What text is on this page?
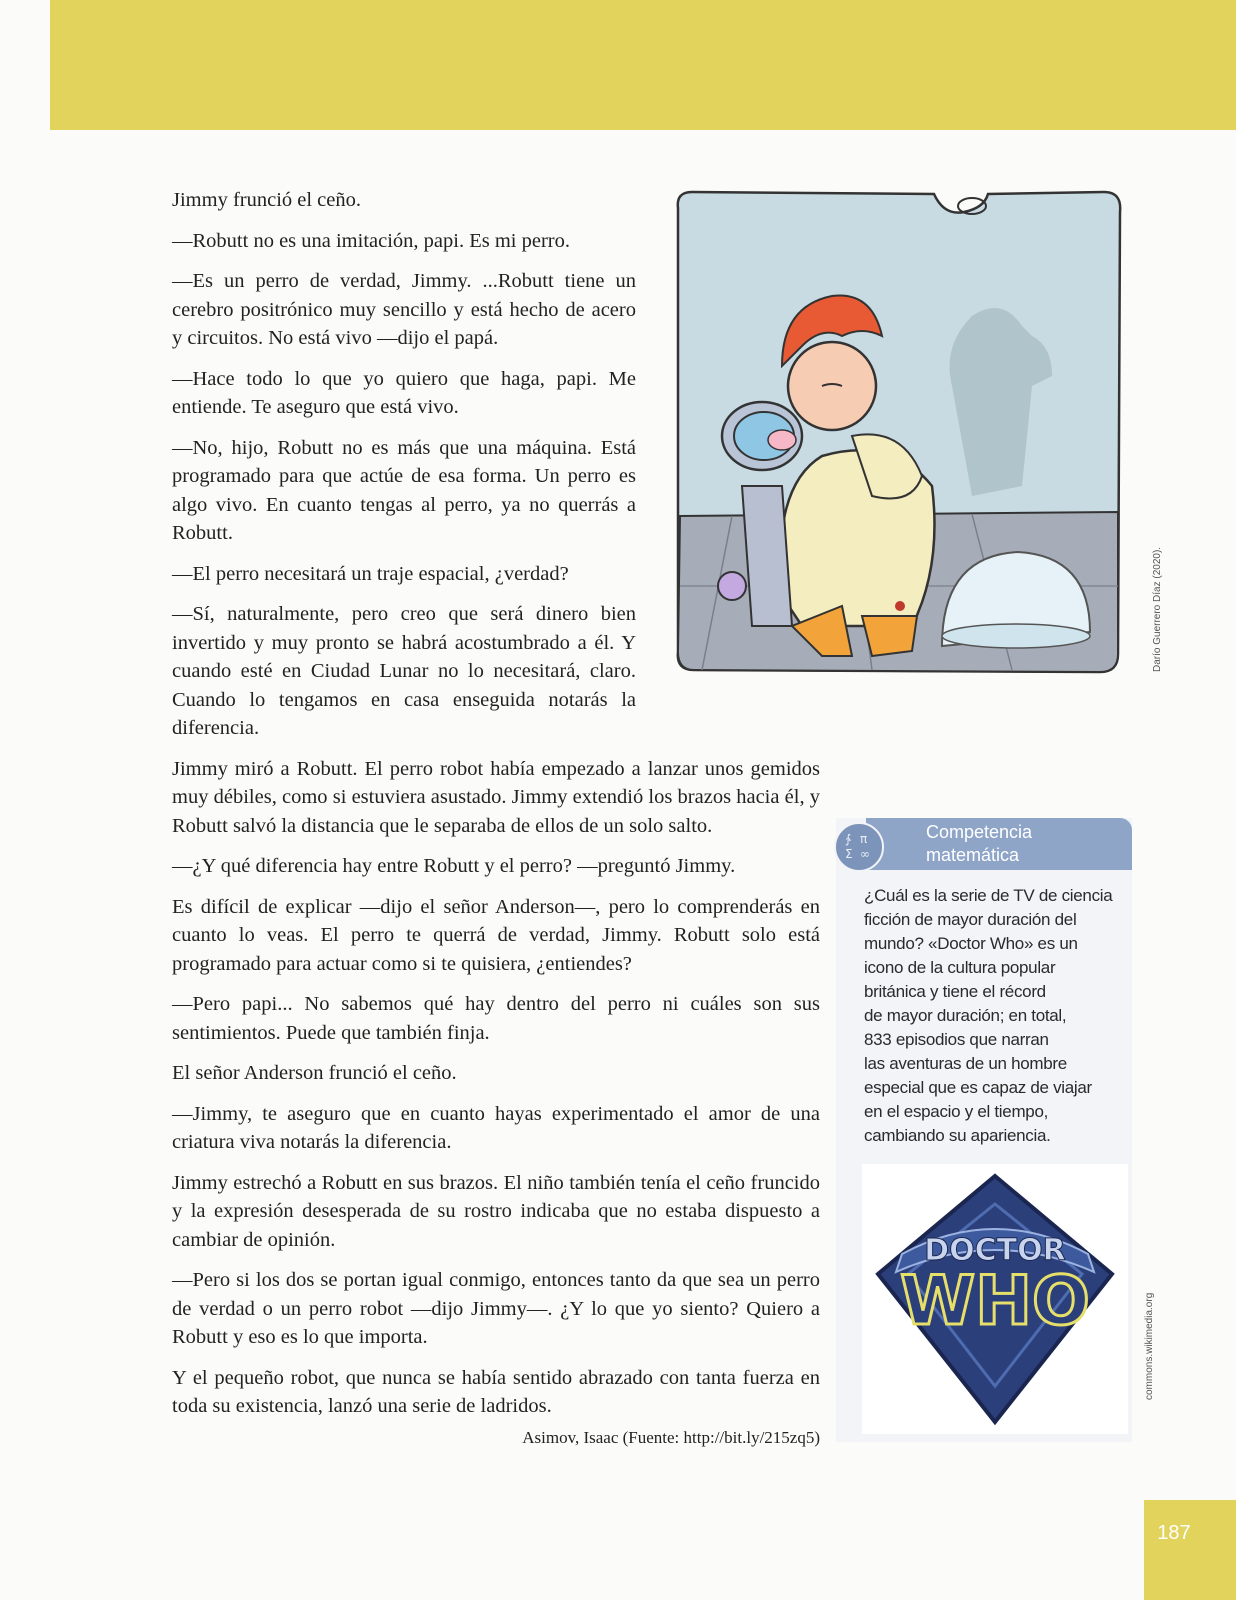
Jimmy frunció el ceño.

—Robutt no es una imitación, papi. Es mi perro.

—Es un perro de verdad, Jimmy. ...Robutt tiene un cerebro positrónico muy sencillo y está hecho de acero y circuitos. No está vivo —dijo el papá.

—Hace todo lo que yo quiero que haga, papi. Me entiende. Te aseguro que está vivo.

—No, hijo, Robutt no es más que una máquina. Está programado para que actúe de esa forma. Un perro es algo vivo. En cuanto tengas al perro, ya no querrás a Robutt.

—El perro necesitará un traje espacial, ¿verdad?

—Sí, naturalmente, pero creo que será dinero bien invertido y muy pronto se habrá acostumbrado a él. Y cuando esté en Ciudad Lunar no lo necesitará, claro. Cuando lo tengamos en casa enseguida notarás la diferencia.

Jimmy miró a Robutt. El perro robot había empezado a lanzar unos gemidos muy débiles, como si estuviera asustado. Jimmy extendió los brazos hacia él, y Robutt salvó la distancia que le separaba de ellos de un solo salto.

—¿Y qué diferencia hay entre Robutt y el perro? —preguntó Jimmy.

Es difícil de explicar —dijo el señor Anderson—, pero lo comprenderás en cuanto lo veas. El perro te querrá de verdad, Jimmy. Robutt solo está programado para actuar como si te quisiera, ¿entiendes?

—Pero papi... No sabemos qué hay dentro del perro ni cuáles son sus sentimientos. Puede que también finja.

El señor Anderson frunció el ceño.

—Jimmy, te aseguro que en cuanto hayas experimentado el amor de una criatura viva notarás la diferencia.

Jimmy estrechó a Robutt en sus brazos. El niño también tenía el ceño fruncido y la expresión desesperada de su rostro indicaba que no estaba dispuesto a cambiar de opinión.

—Pero si los dos se portan igual conmigo, entonces tanto da que sea un perro de verdad o un perro robot —dijo Jimmy—. ¿Y lo que yo siento? Quiero a Robutt y eso es lo que importa.

Y el pequeño robot, que nunca se había sentido abrazado con tanta fuerza en toda su existencia, lanzó una serie de ladridos.

Asimov, Isaac (Fuente: http://bit.ly/215zq5)
Darío Guerrero Díaz (2020).
Competencia
matemática
∱ π
Σ ∞
¿Cuál es la serie de TV de ciencia
ficción de mayor duración del
mundo? «Doctor Who» es un
icono de la cultura popular
británica y tiene el récord
de mayor duración; en total,
833 episodios que narran
las aventuras de un hombre
especial que es capaz de viajar
en el espacio y el tiempo,
cambiando su apariencia.
DOCTOR
WHO	commons.wikimedia.org
187
